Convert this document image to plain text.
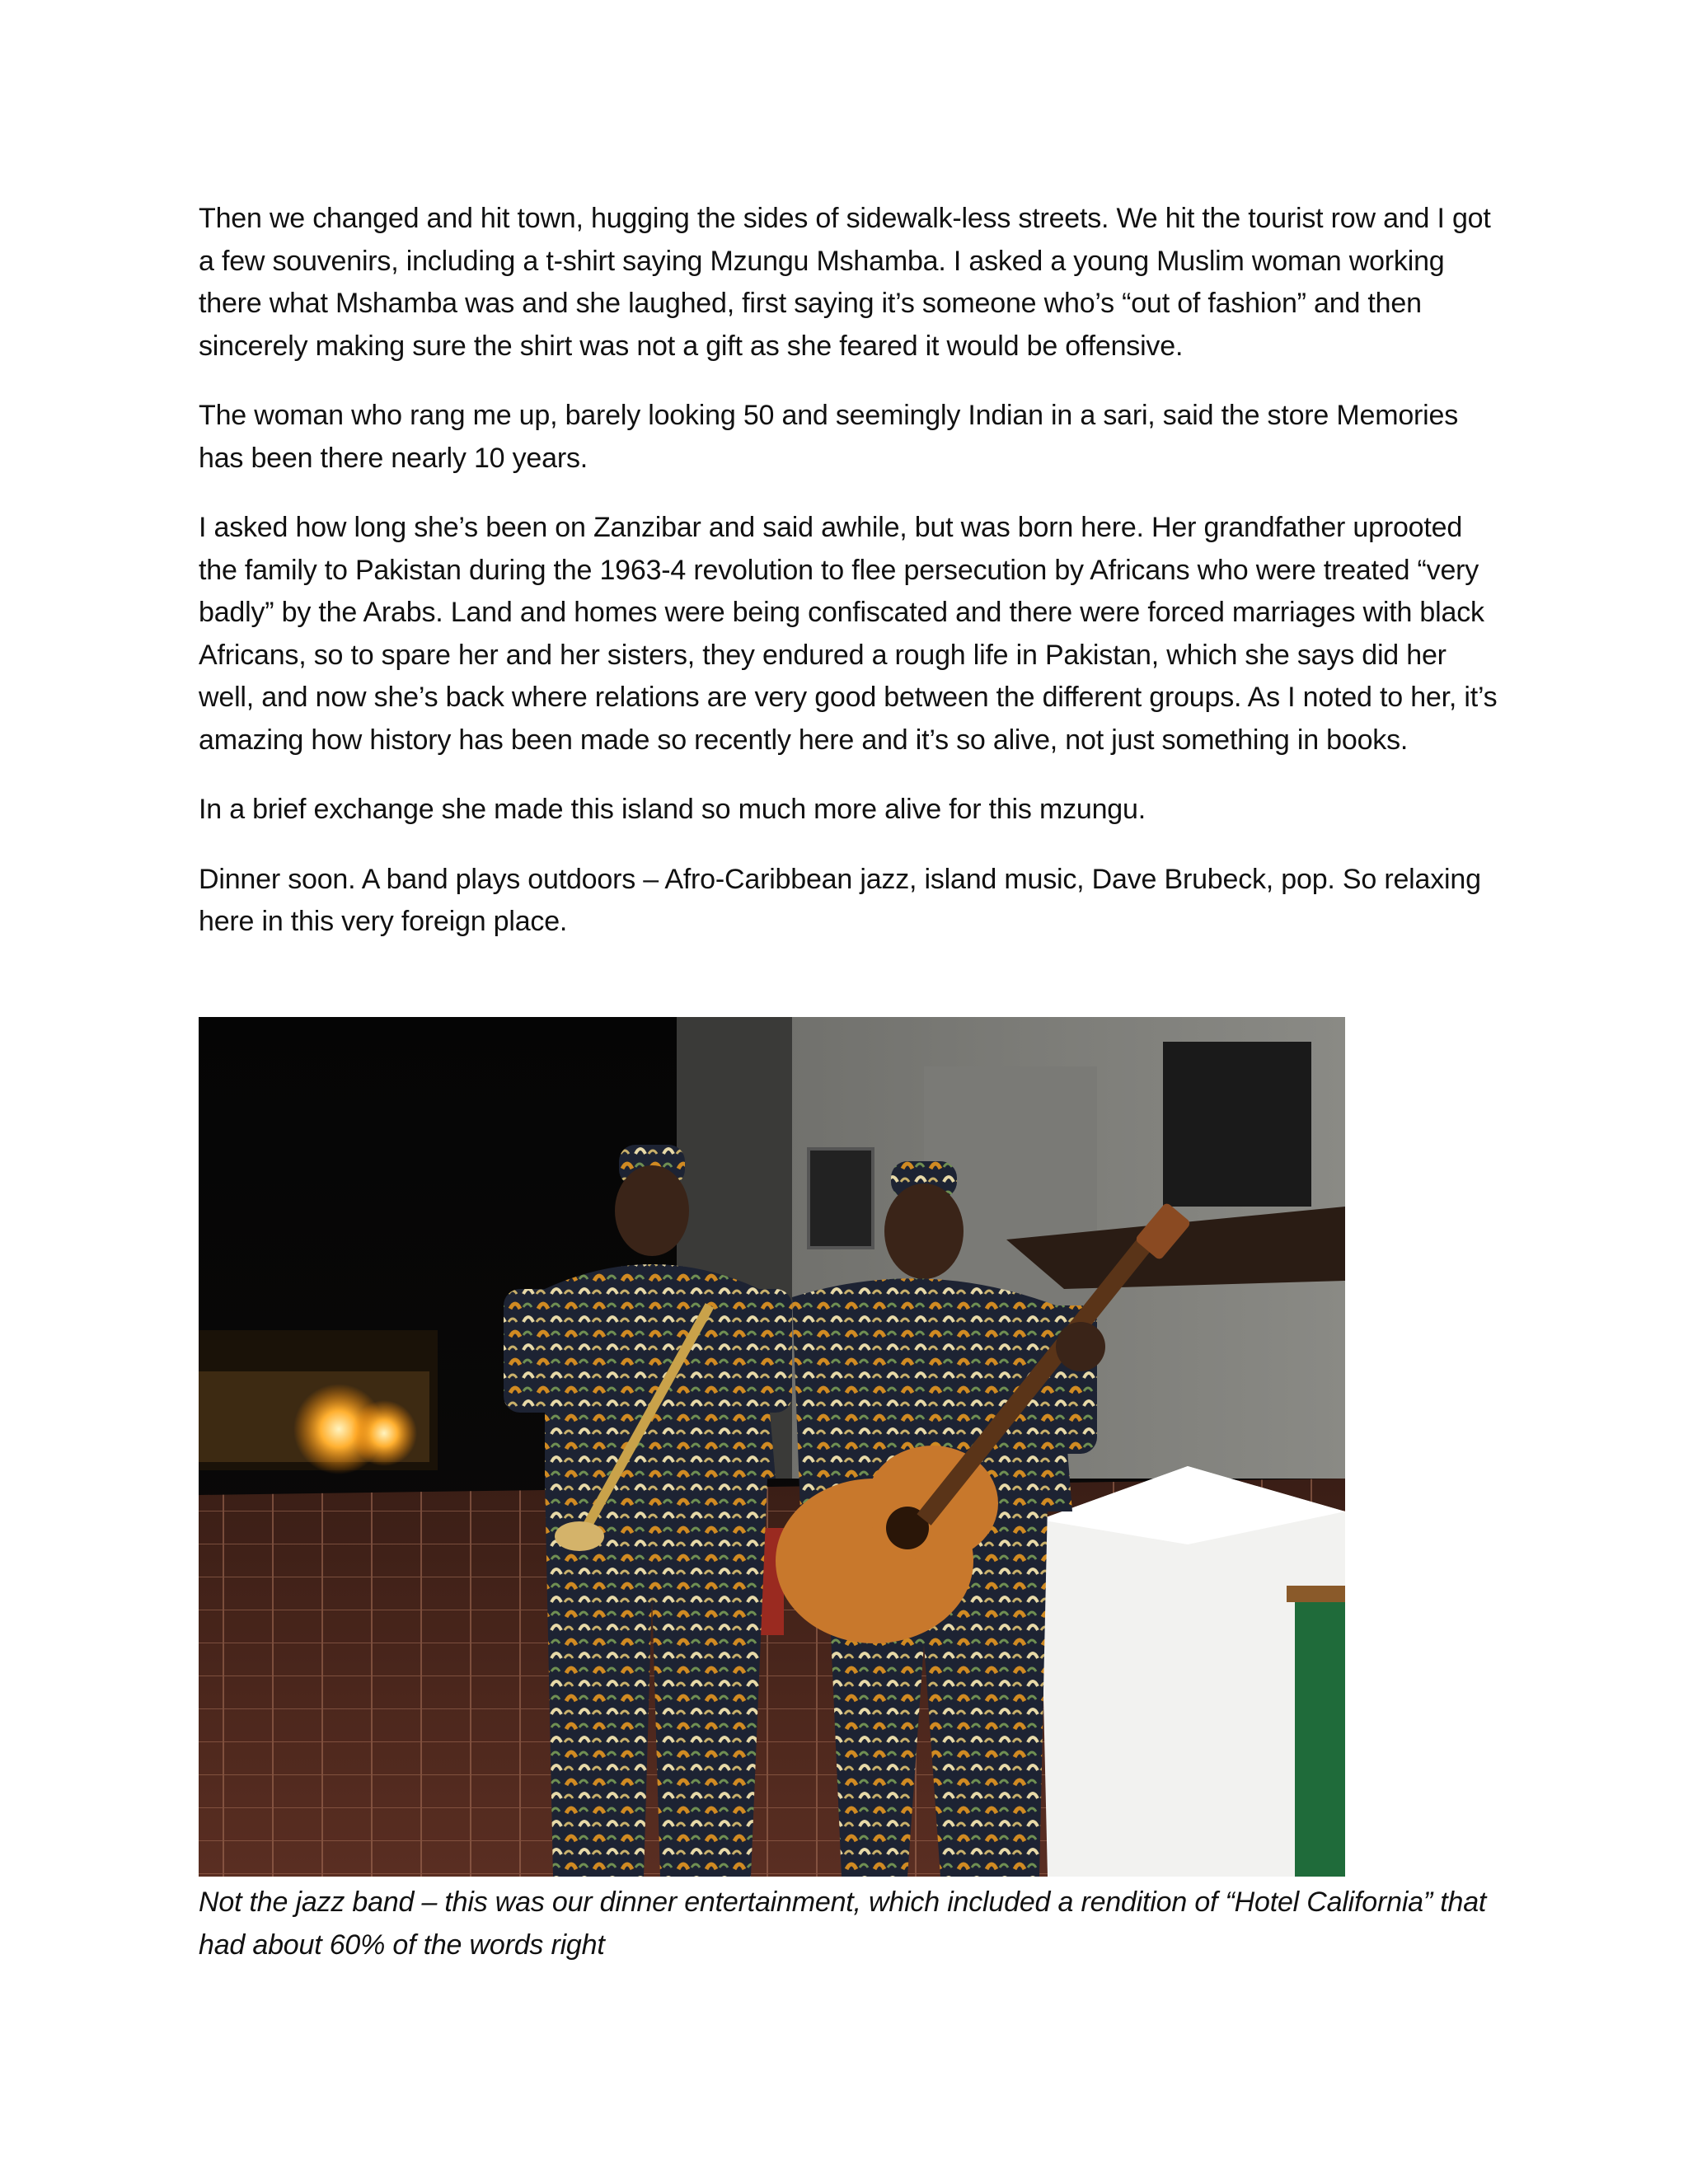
Then we changed and hit town, hugging the sides of sidewalk-less streets. We hit the tourist row and I got a few souvenirs, including a t-shirt saying Mzungu Mshamba. I asked a young Muslim woman working there what Mshamba was and she laughed, first saying it’s someone who’s “out of fashion” and then sincerely making sure the shirt was not a gift as she feared it would be offensive.

The woman who rang me up, barely looking 50 and seemingly Indian in a sari, said the store Memories has been there nearly 10 years.

I asked how long she’s been on Zanzibar and said awhile, but was born here. Her grandfather uprooted the family to Pakistan during the 1963-4 revolution to flee persecution by Africans who were treated “very badly” by the Arabs. Land and homes were being confiscated and there were forced marriages with black Africans, so to spare her and her sisters, they endured a rough life in Pakistan, which she says did her well, and now she’s back where relations are very good between the different groups. As I noted to her, it’s amazing how history has been made so recently here and it’s so alive, not just something in books.

In a brief exchange she made this island so much more alive for this mzungu.

Dinner soon. A band plays outdoors – Afro-Caribbean jazz, island music, Dave Brubeck, pop. So relaxing here in this very foreign place.

Not the jazz band – this was our dinner entertainment, which included a rendition of “Hotel California” that had about 60% of the words right
